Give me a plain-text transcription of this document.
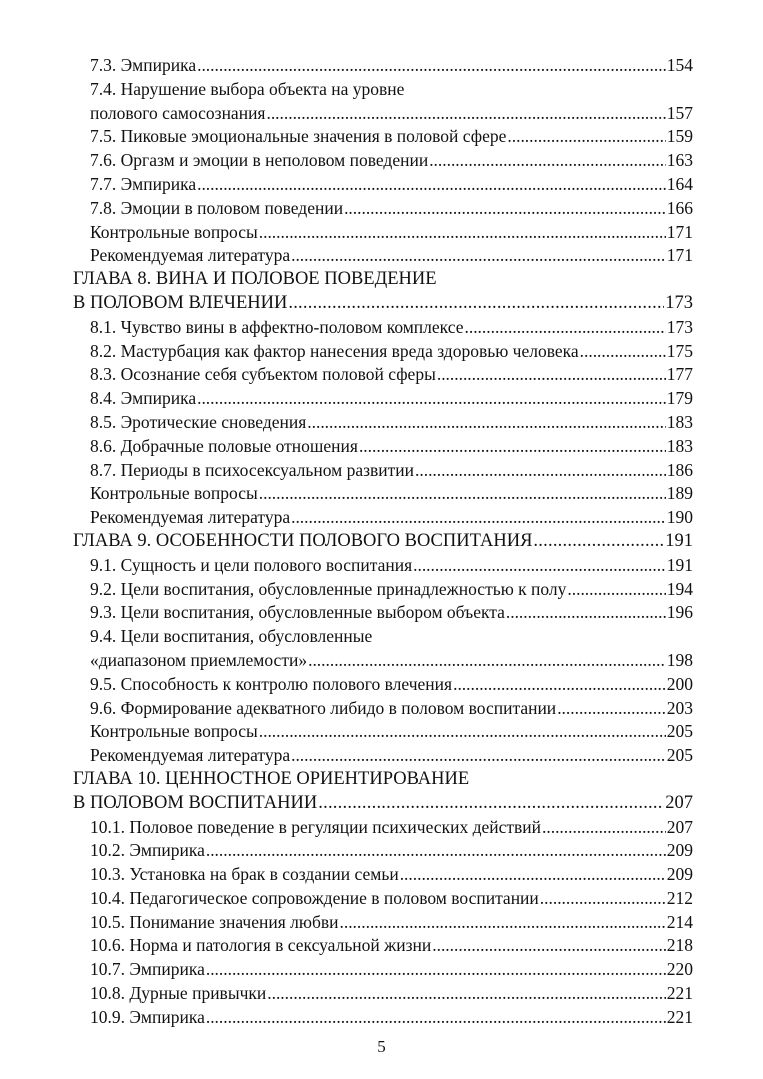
7.3. Эмпирика . . .	154
7.4. Нарушение выбора объекта на уровне
полового самосознания . . .	157
7.5. Пиковые эмоциональные значения в половой сфере . . .	159
7.6. Оргазм и эмоции в неполовом поведении . . .	163
7.7. Эмпирика . . .	164
7.8. Эмоции в половом поведении . . .	166
Контрольные вопросы . . .	171
Рекомендуемая литература . . .	171
ГЛАВА 8. ВИНА И ПОЛОВОЕ ПОВЕДЕНИЕ
В ПОЛОВОМ ВЛЕЧЕНИИ . . .	173
8.1. Чувство вины в аффектно-половом комплексе . . .	173
8.2. Мастурбация как фактор нанесения вреда здоровью человека . . .	175
8.3. Осознание себя субъектом половой сферы . . .	177
8.4. Эмпирика . . .	179
8.5. Эротические сноведения . . .	183
8.6. Добрачные половые отношения . . .	183
8.7. Периоды в психосексуальном развитии . . .	186
Контрольные вопросы . . .	189
Рекомендуемая литература . . .	190
ГЛАВА 9. ОСОБЕННОСТИ ПОЛОВОГО ВОСПИТАНИЯ . . .	191
9.1. Сущность и цели полового воспитания . . .	191
9.2. Цели воспитания, обусловленные принадлежностью к полу . . .	194
9.3. Цели воспитания, обусловленные выбором объекта . . .	196
9.4. Цели воспитания, обусловленные
«диапазоном приемлемости» . . .	198
9.5. Способность к контролю полового влечения . . .	200
9.6. Формирование адекватного либидо в половом воспитании . . .	203
Контрольные вопросы . . .	205
Рекомендуемая литература . . .	205
ГЛАВА 10. ЦЕННОСТНОЕ ОРИЕНТИРОВАНИЕ
В ПОЛОВОМ ВОСПИТАНИИ . . .	207
10.1. Половое поведение в регуляции психических действий . . .	207
10.2. Эмпирика . . .	209
10.3. Установка на брак в создании семьи . . .	209
10.4. Педагогическое сопровождение в половом воспитании . . .	212
10.5. Понимание значения любви . . .	214
10.6. Норма и патология в сексуальной жизни . . .	218
10.7. Эмпирика . . .	220
10.8. Дурные привычки . . .	221
10.9. Эмпирика . . .	221
5
